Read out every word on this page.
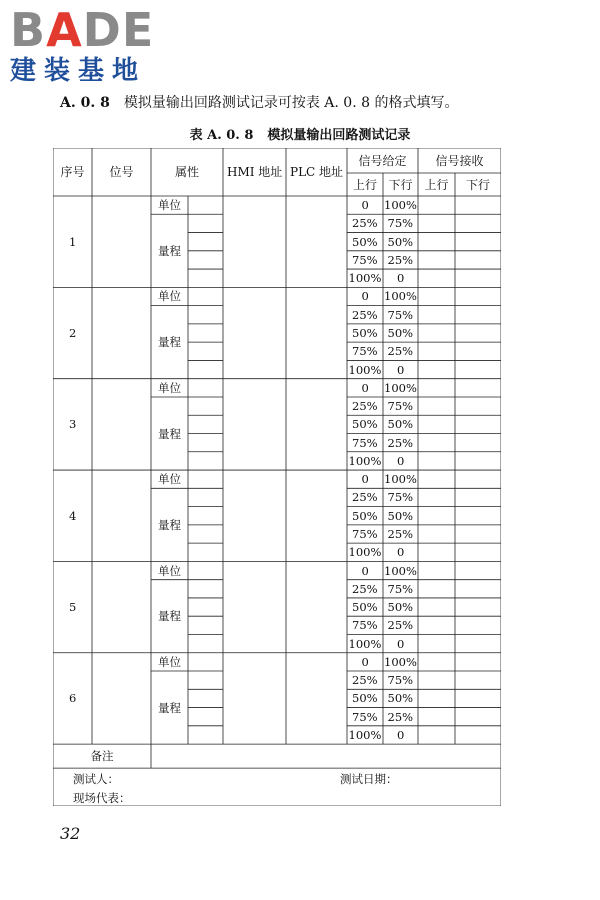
BADE
建装基地
A. 0. 8 模拟量输出回路测试记录可按表 A. 0. 8 的格式填写。
表 A. 0. 8 模拟量输出回路测试记录
序号 位号	属性 HMI 地址 PLC 地址
信号给定 信号接收
上行 下行 上行 下行
1
单位
量程
0 100%
25% 75%
50% 50%
75% 25%
100% 0
2
单位
量程
0 100%
25% 75%
50% 50%
75% 25%
100% 0
3
单位
量程
0 100%
25% 75%
50% 50%
75% 25%
100% 0
4
单位
量程
0 100%
25% 75%
50% 50%
75% 25%
100% 0
5
单位
量程
0 100%
25% 75%
50% 50%
75% 25%
100% 0
6
单位
量程
0 100%
25% 75%
50% 50%
75% 25%
100% 0
备注
测试人：	测试日期：
现场代表：
32
